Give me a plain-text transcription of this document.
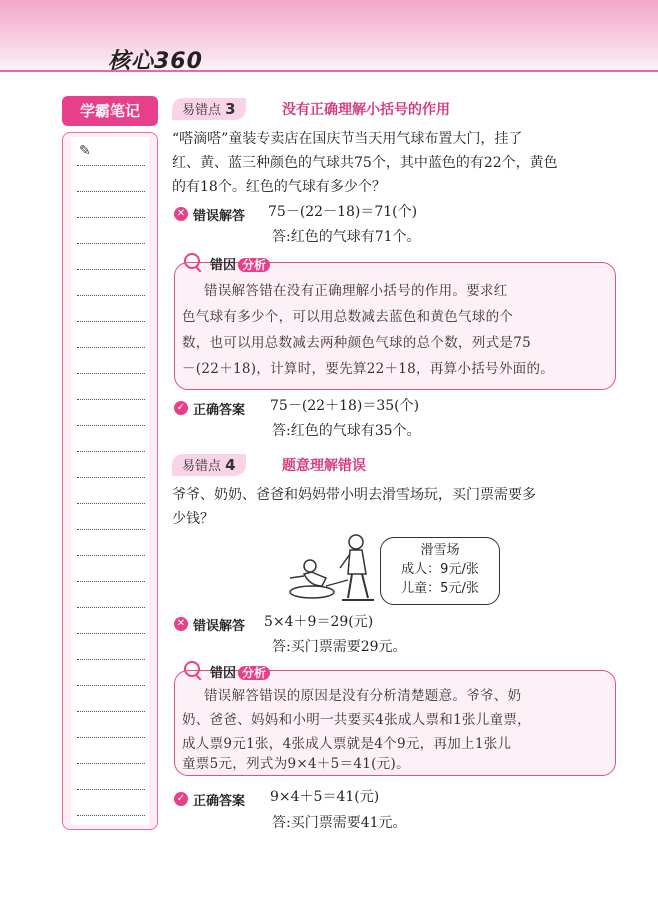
核心360
学霸笔记
✎
易错点 3	没有正确理解小括号的作用
“嗒滴嗒”童装专卖店在国庆节当天用气球布置大门，挂了
红、黄、蓝三种颜色的气球共75个，其中蓝色的有22个，黄色
的有18个。红色的气球有多少个？
✕ 错误解答 75－(22－18)＝71(个)
答:红色的气球有71个。
错因 分析
错误解答错在没有正确理解小括号的作用。要求红
色气球有多少个，可以用总数减去蓝色和黄色气球的个
数，也可以用总数减去两种颜色气球的总个数，列式是75
－(22＋18)，计算时，要先算22＋18，再算小括号外面的。
✓ 正确答案 75－(22＋18)＝35(个)
答:红色的气球有35个。
易错点 4	题意理解错误
爷爷、奶奶、爸爸和妈妈带小明去滑雪场玩，买门票需要多
少钱？
滑雪场
成人：9元/张
儿童：5元/张
✕ 错误解答 5×4＋9＝29(元)
答:买门票需要29元。
错因 分析
错误解答错误的原因是没有分析清楚题意。爷爷、奶
奶、爸爸、妈妈和小明一共要买4张成人票和1张儿童票，
成人票9元1张，4张成人票就是4个9元，再加上1张儿
童票5元，列式为9×4＋5＝41(元)。
✓ 正确答案 9×4＋5＝41(元)
答:买门票需要41元。
